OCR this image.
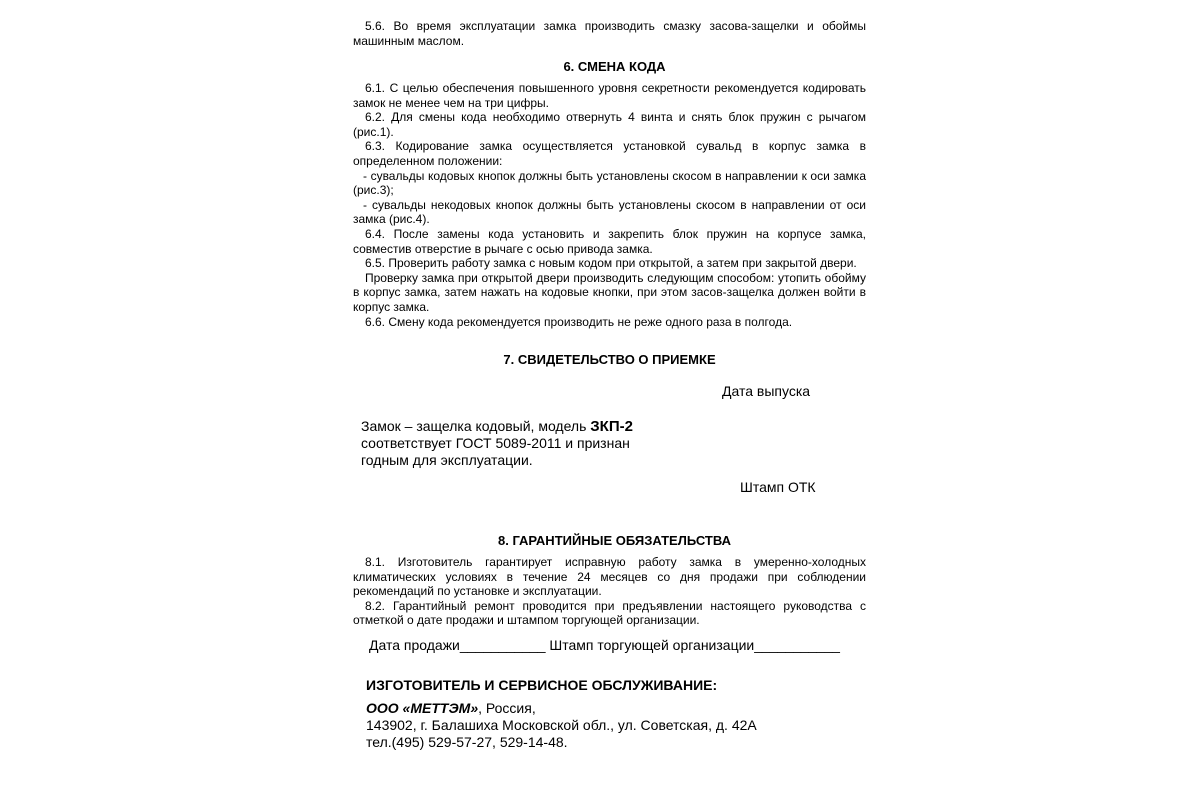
5.6. Во время эксплуатации замка производить смазку засова-защелки и обоймы машинным маслом.

6. СМЕНА КОДА

6.1. С целью обеспечения повышенного уровня секретности рекомендуется кодировать замок не менее чем на три цифры.

6.2. Для смены кода необходимо отвернуть 4 винта и снять блок пружин с рычагом (рис.1).

6.3. Кодирование замка осуществляется установкой сувальд в корпус замка в определенном положении:

- сувальды кодовых кнопок должны быть установлены скосом в направлении к оси замка (рис.3);

- сувальды некодовых кнопок должны быть установлены скосом в направлении от оси замка (рис.4).

6.4. После замены кода установить и закрепить блок пружин на корпусе замка, совместив отверстие в рычаге с осью привода замка.

6.5. Проверить работу замка с новым кодом при открытой, а затем при закрытой двери.

Проверку замка при открытой двери производить следующим способом: утопить обойму в корпус замка, затем нажать на кодовые кнопки, при этом засов-защелка должен войти в корпус замка.

6.6. Смену кода рекомендуется производить не реже одного раза в полгода.

7. СВИДЕТЕЛЬСТВО О ПРИЕМКЕ

Дата выпуска

Замок – защелка кодовый, модель ЗКП-2
соответствует ГОСТ 5089-2011 и признан
годным для эксплуатации.

Штамп ОТК

8. ГАРАНТИЙНЫЕ ОБЯЗАТЕЛЬСТВА

8.1. Изготовитель гарантирует исправную работу замка в умеренно-холодных климатических условиях в течение 24 месяцев со дня продажи при соблюдении рекомендаций по установке и эксплуатации.

8.2. Гарантийный ремонт проводится при предъявлении настоящего руководства с отметкой о дате продажи и штампом торгующей организации.

Дата продажи___________ Штамп торгующей организации___________

ИЗГОТОВИТЕЛЬ И СЕРВИСНОЕ ОБСЛУЖИВАНИЕ:

ООО «МЕТТЭМ», Россия,
143902, г. Балашиха Московской обл., ул. Советская, д. 42А
тел.(495) 529-57-27, 529-14-48.
